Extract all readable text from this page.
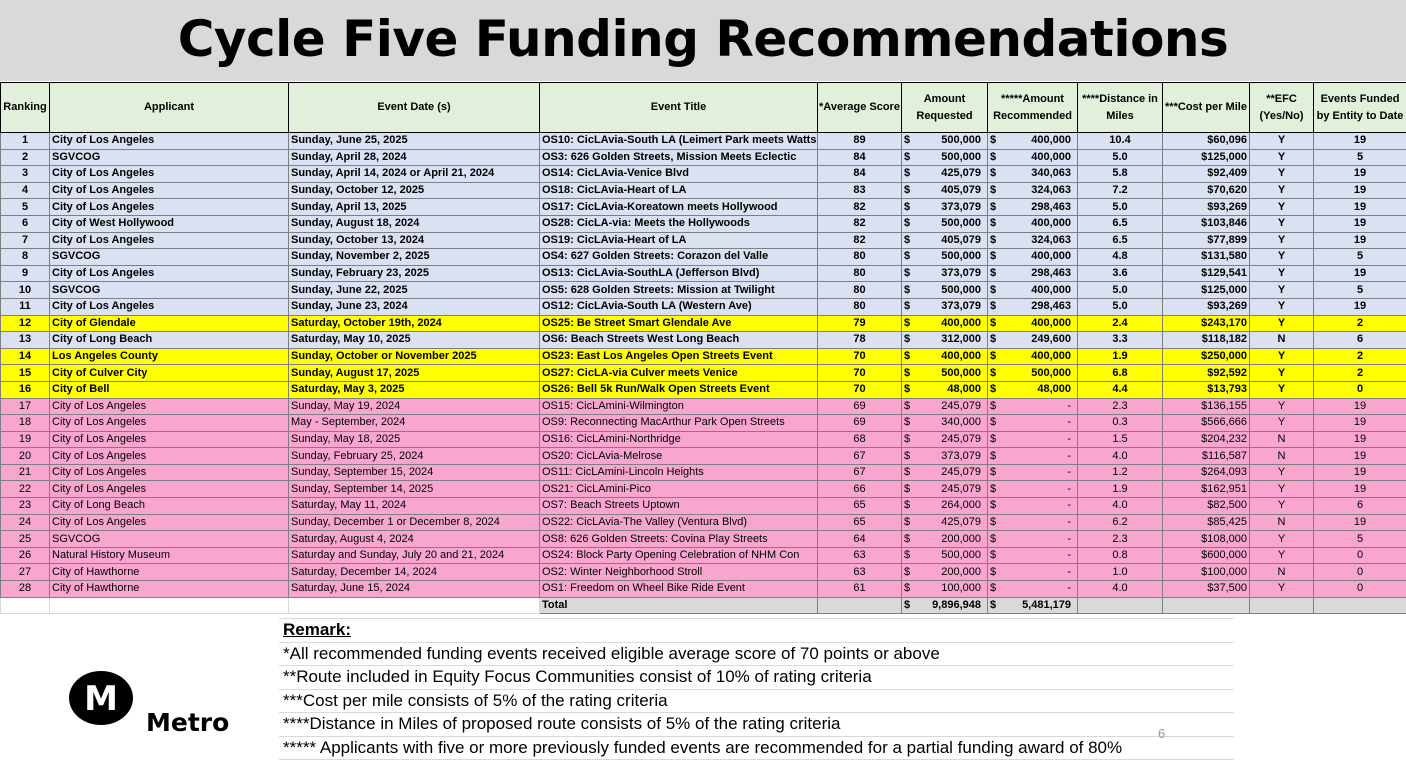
Cycle Five Funding Recommendations
Ranking	Applicant	Event Date (s)	Event Title	*Average Score	Amount Requested	*****Amount Recommended	****Distance in Miles	***Cost per Mile	**EFC (Yes/No)	Events Funded by Entity to Date
1	City of Los Angeles	Sunday, June 25, 2025	OS10: CicLAvia-South LA (Leimert Park meets Watts	89	$ 500,000	$ 400,000	10.4	$60,096	Y	19
2	SGVCOG	Sunday, April 28, 2024	OS3: 626 Golden Streets, Mission Meets Eclectic	84	$ 500,000	$ 400,000	5.0	$125,000	Y	5
3	City of Los Angeles	Sunday, April 14, 2024 or April 21, 2024	OS14: CicLAvia-Venice Blvd	84	$ 425,079	$ 340,063	5.8	$92,409	Y	19
4	City of Los Angeles	Sunday, October 12, 2025	OS18: CicLAvia-Heart of LA	83	$ 405,079	$ 324,063	7.2	$70,620	Y	19
5	City of Los Angeles	Sunday, April 13, 2025	OS17: CicLAvia-Koreatown meets Hollywood	82	$ 373,079	$ 298,463	5.0	$93,269	Y	19
6	City of West Hollywood	Sunday, August 18, 2024	OS28: CicLA-via: Meets the Hollywoods	82	$ 500,000	$ 400,000	6.5	$103,846	Y	19
7	City of Los Angeles	Sunday, October 13, 2024	OS19: CicLAvia-Heart of LA	82	$ 405,079	$ 324,063	6.5	$77,899	Y	19
8	SGVCOG	Sunday, November 2, 2025	OS4: 627 Golden Streets: Corazon del Valle	80	$ 500,000	$ 400,000	4.8	$131,580	Y	5
9	City of Los Angeles	Sunday, February 23, 2025	OS13: CicLAvia-SouthLA (Jefferson Blvd)	80	$ 373,079	$ 298,463	3.6	$129,541	Y	19
10	SGVCOG	Sunday, June 22, 2025	OS5: 628 Golden Streets: Mission at Twilight	80	$ 500,000	$ 400,000	5.0	$125,000	Y	5
11	City of Los Angeles	Sunday, June 23, 2024	OS12: CicLAvia-South LA (Western Ave)	80	$ 373,079	$ 298,463	5.0	$93,269	Y	19
12	City of Glendale	Saturday, October 19th, 2024	OS25: Be Street Smart Glendale Ave	79	$ 400,000	$ 400,000	2.4	$243,170	Y	2
13	City of Long Beach	Saturday, May 10, 2025	OS6: Beach Streets West Long Beach	78	$ 312,000	$ 249,600	3.3	$118,182	N	6
14	Los Angeles County	Sunday, October or November 2025	OS23: East Los Angeles Open Streets Event	70	$ 400,000	$ 400,000	1.9	$250,000	Y	2
15	City of Culver City	Sunday, August 17, 2025	OS27: CicLA-via Culver meets Venice	70	$ 500,000	$ 500,000	6.8	$92,592	Y	2
16	City of Bell	Saturday, May 3, 2025	OS26: Bell 5k Run/Walk Open Streets Event	70	$ 48,000	$ 48,000	4.4	$13,793	Y	0
17	City of Los Angeles	Sunday, May 19, 2024	OS15: CicLAmini-Wilmington	69	$ 245,079	$ -	2.3	$136,155	Y	19
18	City of Los Angeles	May - September, 2024	OS9: Reconnecting MacArthur Park Open Streets	69	$ 340,000	$ -	0.3	$566,666	Y	19
19	City of Los Angeles	Sunday, May 18, 2025	OS16: CicLAmini-Northridge	68	$ 245,079	$ -	1.5	$204,232	N	19
20	City of Los Angeles	Sunday, February 25, 2024	OS20: CicLAvia-Melrose	67	$ 373,079	$ -	4.0	$116,587	N	19
21	City of Los Angeles	Sunday, September 15, 2024	OS11: CicLAmini-Lincoln Heights	67	$ 245,079	$ -	1.2	$264,093	Y	19
22	City of Los Angeles	Sunday, September 14, 2025	OS21: CicLAmini-Pico	66	$ 245,079	$ -	1.9	$162,951	Y	19
23	City of Long Beach	Saturday, May 11, 2024	OS7: Beach Streets Uptown	65	$ 264,000	$ -	4.0	$82,500	Y	6
24	City of Los Angeles	Sunday, December 1 or December 8, 2024	OS22: CicLAvia-The Valley (Ventura Blvd)	65	$ 425,079	$ -	6.2	$85,425	N	19
25	SGVCOG	Saturday, August 4, 2024	OS8: 626 Golden Streets: Covina Play Streets	64	$ 200,000	$ -	2.3	$108,000	Y	5
26	Natural History Museum	Saturday and Sunday, July 20 and 21, 2024	OS24: Block Party Opening Celebration of NHM Con	63	$ 500,000	$ -	0.8	$600,000	Y	0
27	City of Hawthorne	Saturday, December 14, 2024	OS2: Winter Neighborhood Stroll	63	$ 200,000	$ -	1.0	$100,000	N	0
28	City of Hawthorne	Saturday, June 15, 2024	OS1: Freedom on Wheel Bike Ride Event	61	$ 100,000	$ -	4.0	$37,500	Y	0
			Total		$ 9,896,948	$ 5,481,179				

M
Metro
Remark:
*All recommended funding events received eligible average score of 70 points or above
**Route included in Equity Focus Communities consist of 10% of rating criteria
***Cost per mile consists of 5% of the rating criteria
****Distance in Miles of proposed route consists of 5% of the rating criteria
***** Applicants with five or more previously funded events are recommended for a partial funding award of 80%
6
